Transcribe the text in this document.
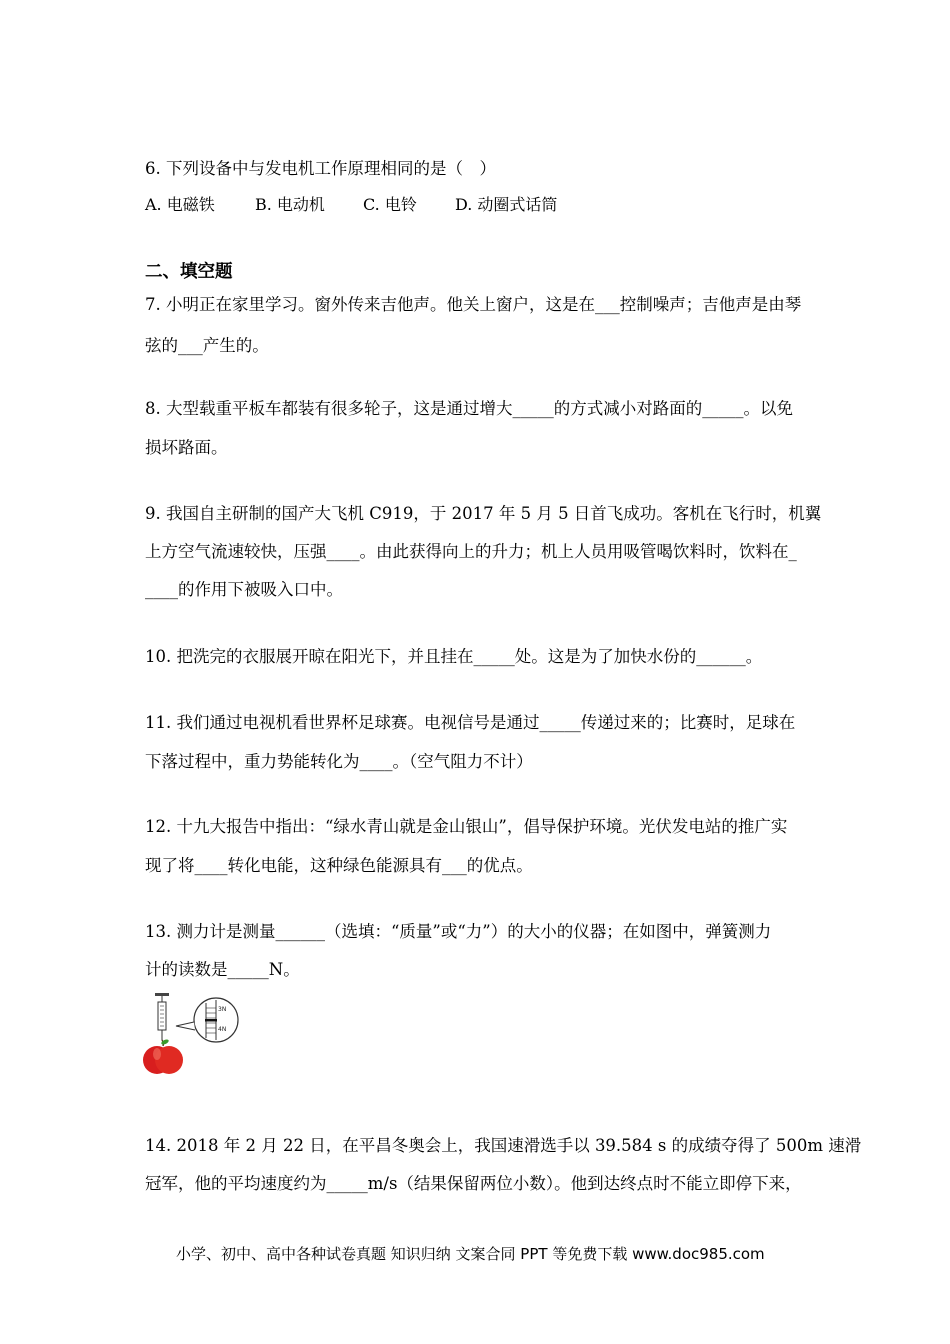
6. 下列设备中与发电机工作原理相同的是（　）
A. 电磁铁	B. 电动机 C. 电铃 D. 动圈式话筒
二、填空题
7. 小明正在家里学习。窗外传来吉他声。他关上窗户，这是在___控制噪声；吉他声是由琴
弦的___产生的。
8. 大型载重平板车都装有很多轮子，这是通过增大_____的方式减小对路面的_____。以免
损坏路面。
9. 我国自主研制的国产大飞机 C919，于 2017 年 5 月 5 日首飞成功。客机在飞行时，机翼
上方空气流速较快，压强____。由此获得向上的升力；机上人员用吸管喝饮料时，饮料在_
____的作用下被吸入口中。
10. 把洗完的衣服展开晾在阳光下，并且挂在_____处。这是为了加快水份的______。
11. 我们通过电视机看世界杯足球赛。电视信号是通过_____传递过来的；比赛时，足球在
下落过程中，重力势能转化为____。（空气阻力不计）
12. 十九大报告中指出：“绿水青山就是金山银山”，倡导保护环境。光伏发电站的推广实
现了将____转化电能，这种绿色能源具有___的优点。
13. 测力计是测量______（选填：“质量”或“力”）的大小的仪器；在如图中，弹簧测力
计的读数是_____N。
3N
4N
14. 2018 年 2 月 22 日，在平昌冬奥会上，我国速滑选手以 39.584 s 的成绩夺得了 500m 速滑
冠军，他的平均速度约为_____m/s（结果保留两位小数）。他到达终点时不能立即停下来，
小学、初中、高中各种试卷真题 知识归纳 文案合同 PPT 等免费下载 www.doc985.com
